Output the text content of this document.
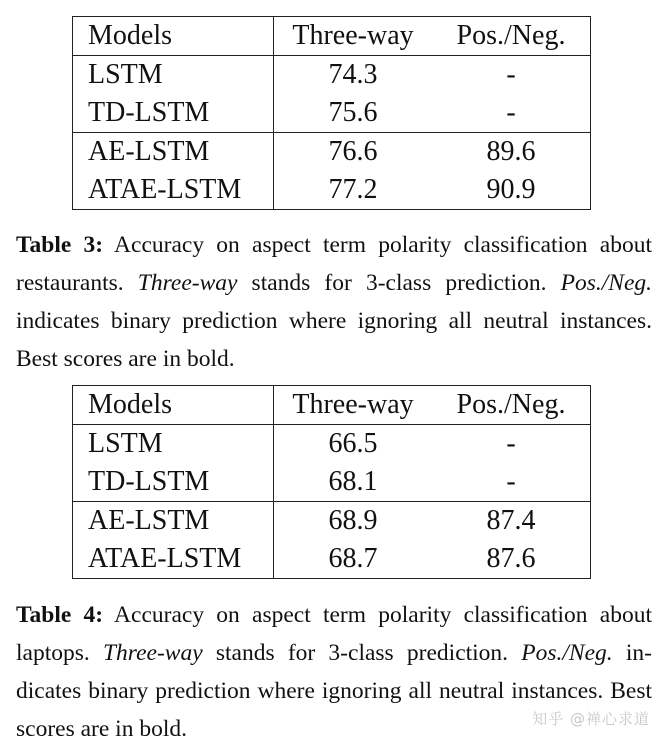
Models	Three-way	Pos./Neg.
LSTM	74.3	-
TD-LSTM	75.6	-
AE-LSTM	76.6	89.6
ATAE-LSTM	77.2	90.9

Table 3: Accuracy on aspect term polarity classification about restaurants. Three-way stands for 3-class prediction. Pos./Neg. indicates binary prediction where ignoring all neutral instances. Best scores are in bold.

Models	Three-way	Pos./Neg.
LSTM	66.5	-
TD-LSTM	68.1	-
AE-LSTM	68.9	87.4
ATAE-LSTM	68.7	87.6

Table 4: Accuracy on aspect term polarity classification about laptops. Three-way stands for 3-class prediction. Pos./Neg. in-dicates binary prediction where ignoring all neutral instances. Best scores are in bold.	知乎 @禅心求道
